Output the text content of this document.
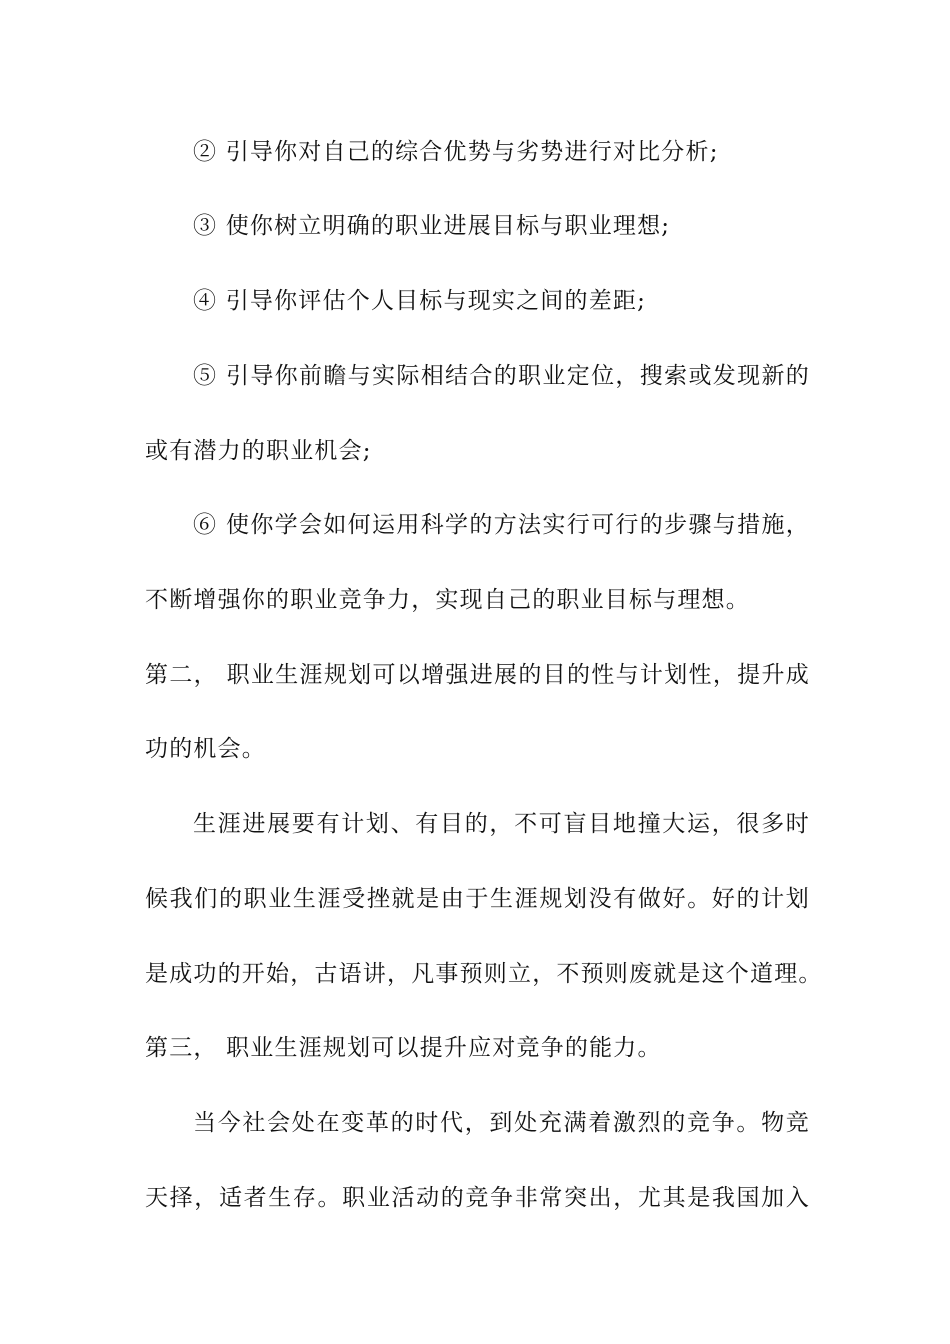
② 引导你对自己的综合优势与劣势进行对比分析;
③ 使你树立明确的职业进展目标与职业理想;
④ 引导你评估个人目标与现实之间的差距;
⑤ 引导你前瞻与实际相结合的职业定位，搜索或发现新的
或有潜力的职业机会;
⑥ 使你学会如何运用科学的方法实行可行的步骤与措施，
不断增强你的职业竞争力，实现自己的职业目标与理想。
第二， 职业生涯规划可以增强进展的目的性与计划性，提升成
功的机会。
生涯进展要有计划、有目的，不可盲目地撞大运，很多时
候我们的职业生涯受挫就是由于生涯规划没有做好。好的计划
是成功的开始，古语讲，凡事预则立，不预则废就是这个道理。
第三， 职业生涯规划可以提升应对竞争的能力。
当今社会处在变革的时代，到处充满着激烈的竞争。物竞
天择，适者生存。职业活动的竞争非常突出，尤其是我国加入
